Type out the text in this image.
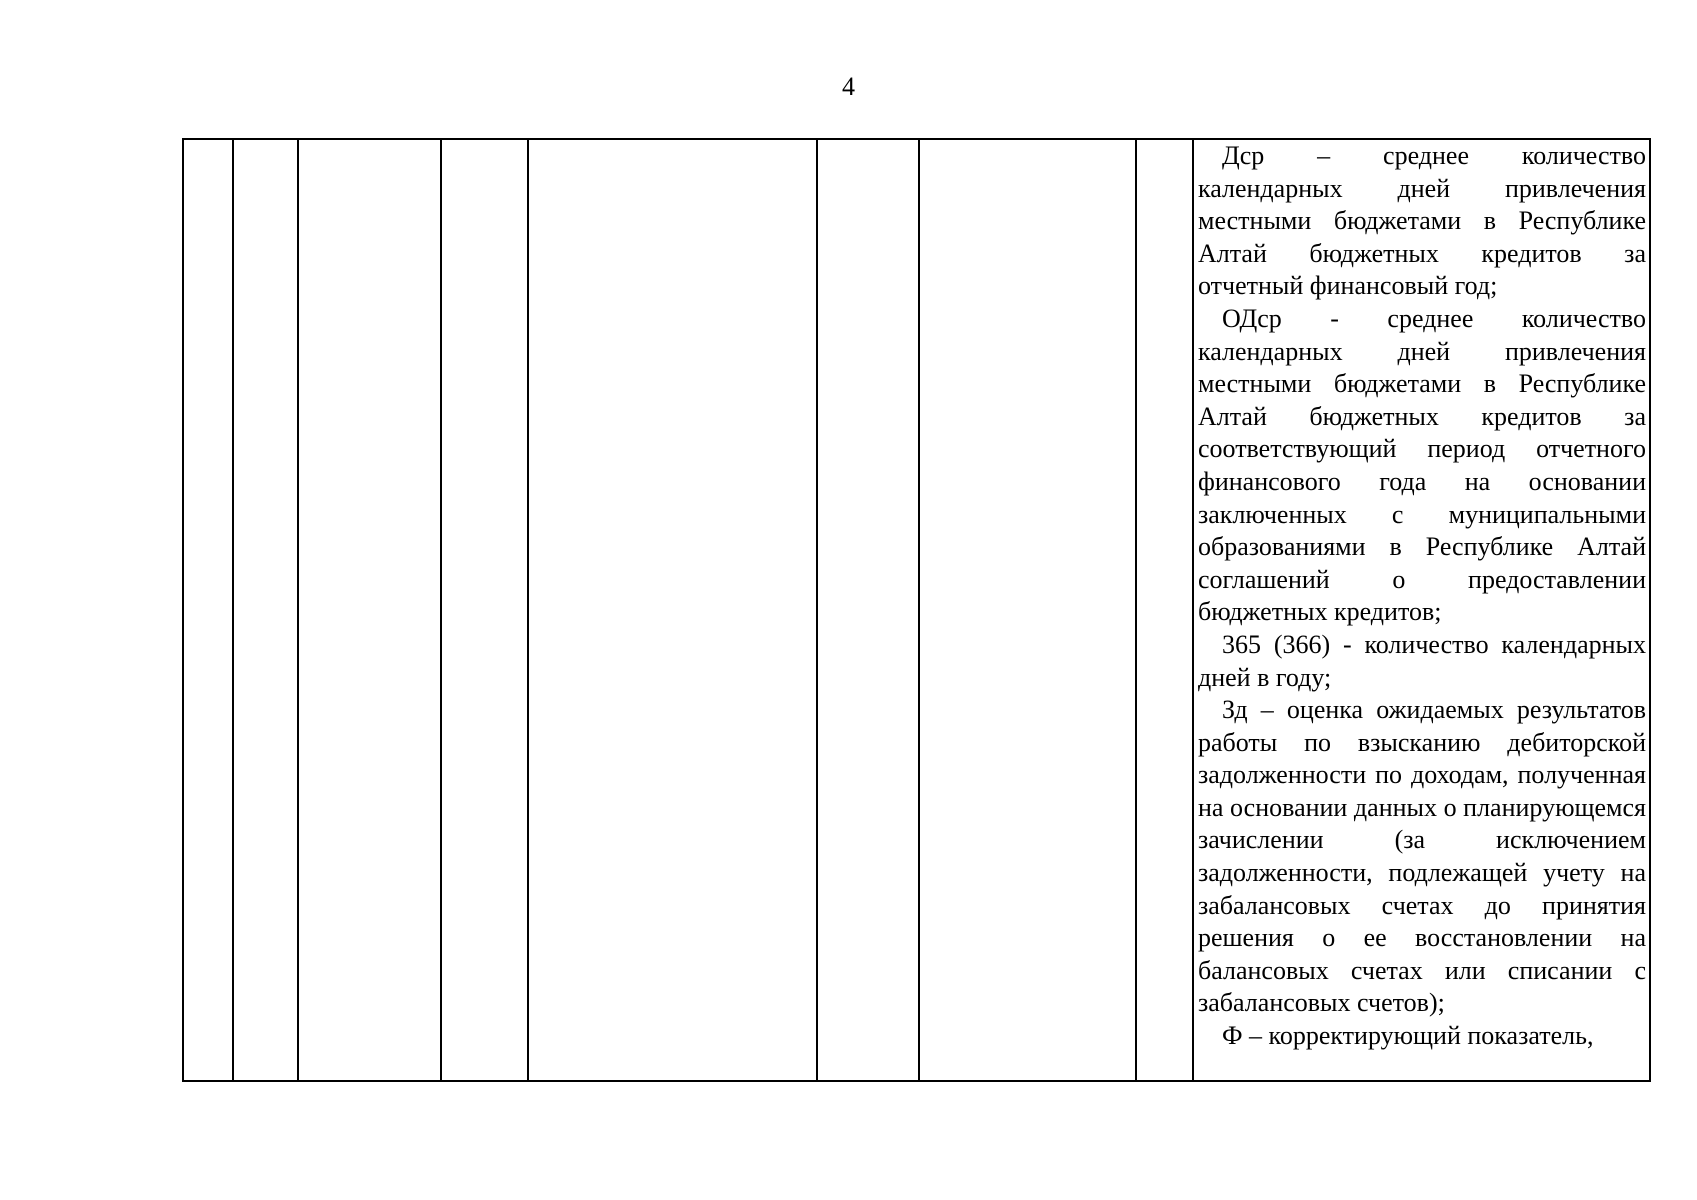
4

Дср – среднее количество календарных дней привлечения местными бюджетами в Республике Алтай бюджетных кредитов за отчетный финансовый год;

ОДср - среднее количество календарных дней привлечения местными бюджетами в Республике Алтай бюджетных кредитов за соответствующий период отчетного финансового года на основании заключенных с муниципальными образованиями в Республике Алтай соглашений о предоставлении бюджетных кредитов;

365 (366) - количество календарных дней в году;

Зд – оценка ожидаемых результатов работы по взысканию дебиторской задолженности по доходам, полученная на основании данных о планирующемся зачислении (за исключением задолженности, подлежащей учету на забалансовых счетах до принятия решения о ее восстановлении на балансовых счетах или списании с забалансовых счетов);

Ф – корректирующий показатель,
